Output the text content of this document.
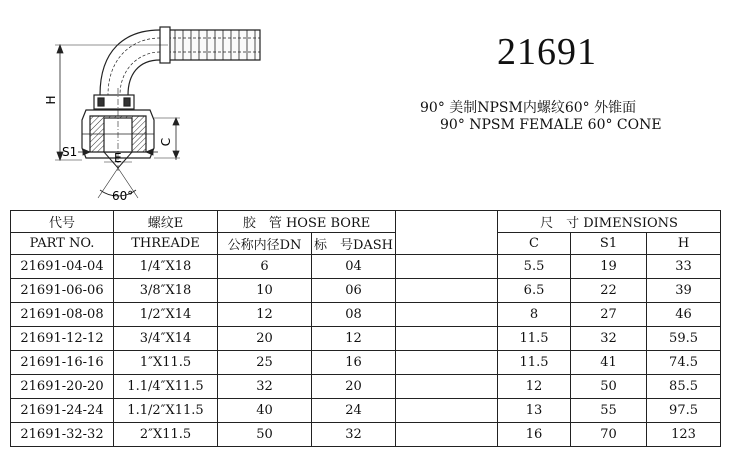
H
S1	E
C
60°
21691
90° 美制NPSM内螺纹60° 外锥面
90° NPSM FEMALE 60° CONE
代号	螺纹E	胶　管 HOSE BORE			尺　寸 DIMENSIONS		
PART NO.	THREADE	公称内径DN	标　号DASH		C	S1	H
21691-04-04	1/4″X18	6	04		5.5	19	33
21691-06-06	3/8″X18	10	06		6.5	22	39
21691-08-08	1/2″X14	12	08		8	27	46
21691-12-12	3/4″X14	20	12		11.5	32	59.5
21691-16-16	1″X11.5	25	16		11.5	41	74.5
21691-20-20	1.1/4″X11.5	32	20		12	50	85.5
21691-24-24	1.1/2″X11.5	40	24		13	55	97.5
21691-32-32	2″X11.5	50	32		16	70	123
